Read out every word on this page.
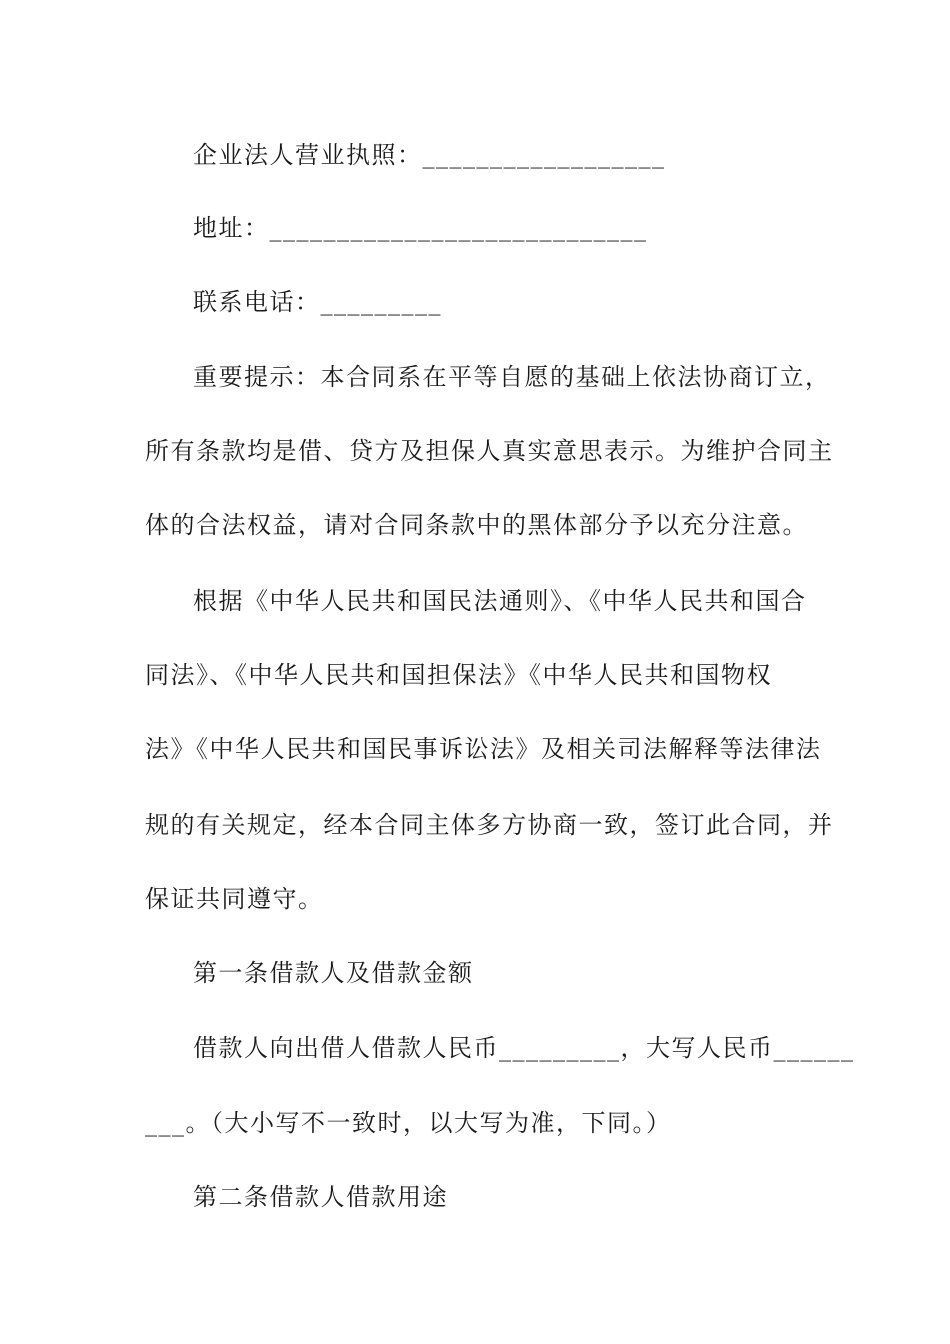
企业法人营业执照：__________________
地址：____________________________
联系电话：_________
重要提示：本合同系在平等自愿的基础上依法协商订立，
所有条款均是借、贷方及担保人真实意思表示。为维护合同主
体的合法权益，请对合同条款中的黑体部分予以充分注意。
根据《中华人民共和国民法通则》、《中华人民共和国合
同法》、《中华人民共和国担保法》《中华人民共和国物权
法》《中华人民共和国民事诉讼法》及相关司法解释等法律法
规的有关规定，经本合同主体多方协商一致，签订此合同，并
保证共同遵守。
第一条借款人及借款金额
借款人向出借人借款人民币_________，大写人民币______
___。（大小写不一致时，以大写为准，下同。）
第二条借款人借款用途
